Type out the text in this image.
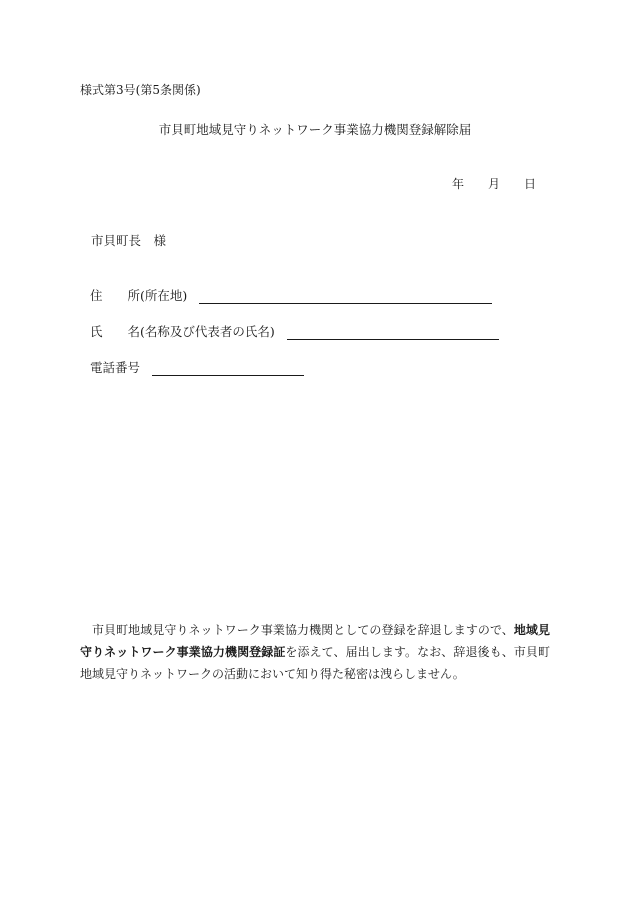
様式第3号(第5条関係)
市貝町地域見守りネットワーク事業協力機関登録解除届
年 月 日
市貝町長　様
住　　所(所在地)
氏　　名(名称及び代表者の氏名)
電話番号
市貝町地域見守りネットワーク事業協力機関としての登録を辞退しますので、地域見守りネットワーク事業協力機関登録証を添えて、届出します。なお、辞退後も、市貝町地域見守りネットワークの活動において知り得た秘密は洩らしません。
